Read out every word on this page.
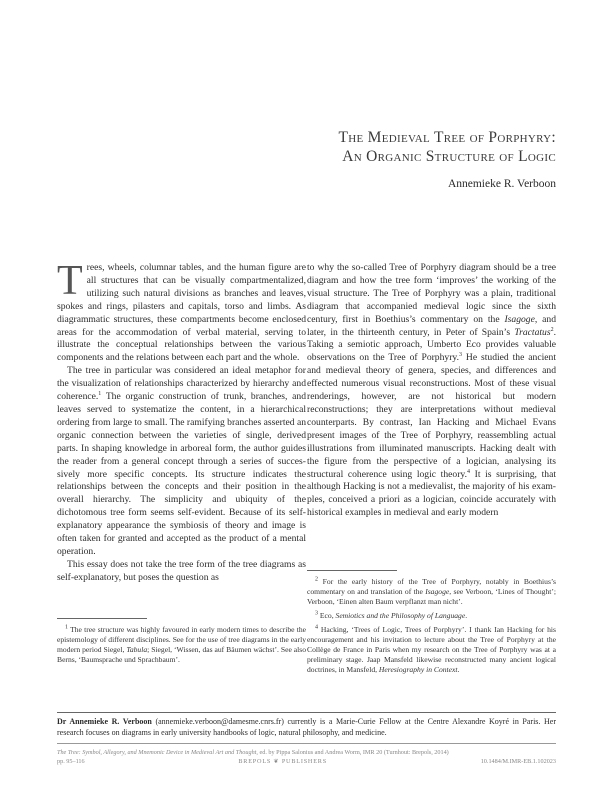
The Medieval Tree of Porphyry:
An Organic Structure of Logic
Annemieke R. Verboon

Trees, wheels, columnar tables, and the human figure are all structures that can be visually compartmentalized, utilizing such natural divisions as branches and leaves, spokes and rings, pilasters and capitals, torso and limbs. As diagrammatic structures, these compartments become enclosed areas for the accommodation of verbal material, serving to illustrate the conceptual relationships between the various components and the relations between each part and the whole.

The tree in particular was considered an ideal metaphor for the visualization of relationships characterized by hierarchy and coherence.$^1$ The organic construction of trunk, branches, and leaves served to systematize the content, in a hierarchical ordering from large to small. The ramifying branches asserted an organic connection between the varieties of single, derived parts. In shaping knowledge in arboreal form, the author guides the reader from a general concept through a series of successively more specific concepts. Its structure indicates the relationships between the concepts and their position in the overall hierarchy. The simplicity and ubiquity of the dichotomous tree form seems self-evident. Because of its self-explanatory appearance the symbiosis of theory and image is often taken for granted and accepted as the product of a mental operation.

This essay does not take the tree form of the tree diagrams as self-explanatory, but poses the question as

to why the so-called Tree of Porphyry diagram should be a tree diagram and how the tree form ‘improves’ the working of the visual structure. The Tree of Porphyry was a plain, traditional diagram that accompanied medieval logic since the sixth century, first in Boethius’s commentary on the Isagoge, and later, in the thirteenth century, in Peter of Spain’s Tractatus$^2$. Taking a semiotic approach, Umberto Eco provides valuable observations on the Tree of Porphyry.$^3$ He studied the ancient and medieval theory of genera, species, and differences and effected numerous visual reconstructions. Most of these visual renderings, however, are not historical but modern reconstructions; they are interpretations without medieval counterparts. By contrast, Ian Hacking and Michael Evans present images of the Tree of Porphyry, reassembling actual illustrations from illuminated manuscripts. Hacking dealt with the figure from the perspective of a logician, analysing its structural coherence using logic theory.$^4$ It is surprising, that although Hacking is not a medievalist, the majority of his examples, conceived a priori as a logician, coincide accurately with historical examples in medieval and early modern

$^1$ The tree structure was highly favoured in early modern times to describe the epistemology of different disciplines. See for the use of tree diagrams in the early modern period Siegel, Tabula; Siegel, ‘Wissen, das auf Bäumen wächst’. See also Berns, ‘Baumsprache und Sprachbaum’.

$^2$ For the early history of the Tree of Porphyry, notably in Boethius’s commentary on and translation of the Isagoge, see Verboon, ‘Lines of Thought’; Verboon, ‘Einen alten Baum verpflanzt man nicht’.

$^3$ Eco, Semiotics and the Philosophy of Language.

$^4$ Hacking, ‘Trees of Logic, Trees of Porphyry’. I thank Ian Hacking for his encouragement and his invitation to lecture about the Tree of Porphyry at the Collège de France in Paris when my research on the Tree of Porphyry was at a preliminary stage. Jaap Mansfeld likewise reconstructed many ancient logical doctrines, in Mansfeld, Heresiography in Context.

Dr Annemieke R. Verboon (annemieke.verboon@damesme.cnrs.fr) currently is a Marie-Curie Fellow at the Centre Alexandre Koyré in Paris. Her research focuses on diagrams in early university handbooks of logic, natural philosophy, and medicine.
The Tree: Symbol, Allegory, and Mnemonic Device in Medieval Art and Thought, ed. by Pippa Salonius and Andrea Worm, IMR 20 (Turnhout: Brepols, 2014)
pp. 95–116	BREPOLS ❦ PUBLISHERS	10.1484/M.IMR-EB.1.102023
